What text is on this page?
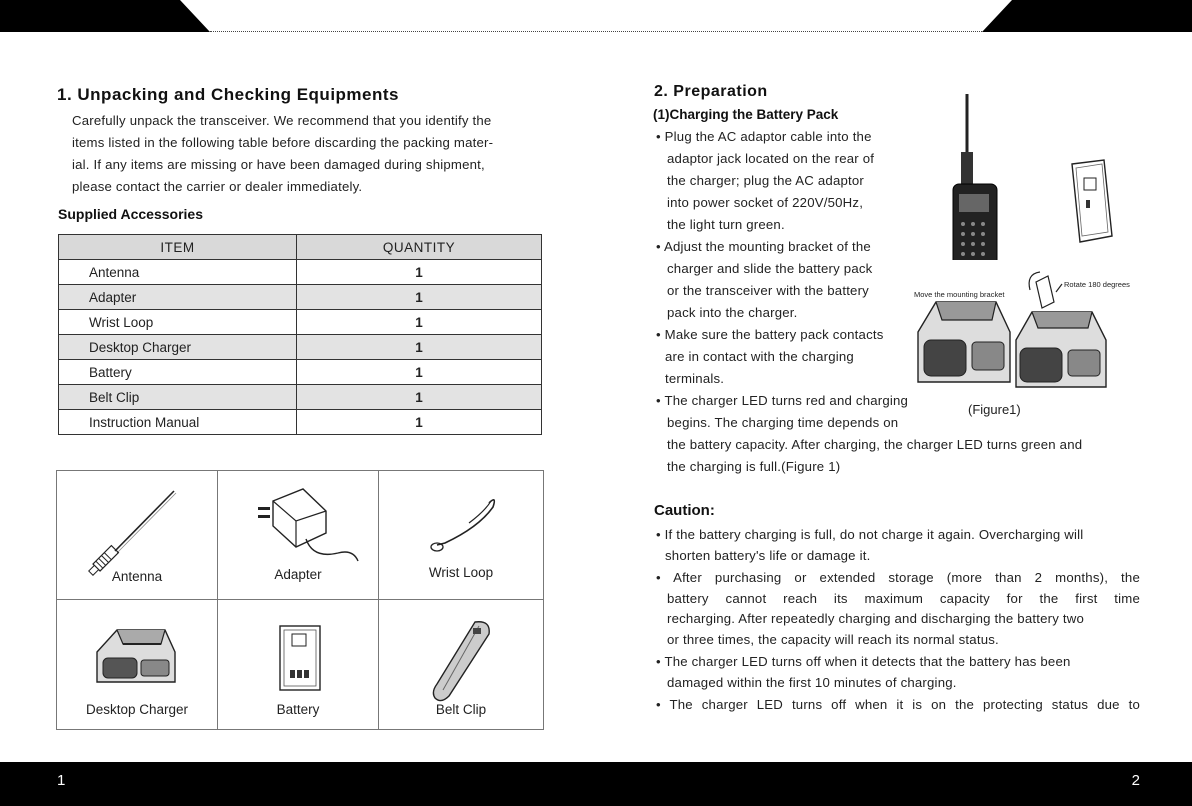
1. Unpacking and Checking Equipments
Carefully unpack the transceiver. We recommend that you identify the
items listed in the following table before discarding the packing mater-
ial. If any items are missing or have been damaged during shipment,
please contact the carrier or dealer immediately.
Supplied Accessories
ITEM	QUANTITY
Antenna	1
Adapter	1
Wrist Loop	1
Desktop Charger	1
Battery	1
Belt Clip	1
Instruction Manual	1
Antenna	Adapter	Wrist Loop
Desktop Charger	Battery	Belt Clip
2. Preparation
(1)Charging the Battery Pack
• Plug the AC adaptor cable into the
adaptor jack located on the rear of
the charger; plug the AC adaptor
into power socket of 220V/50Hz,
the light turn green.
• Adjust the mounting bracket of the
charger and slide the battery pack
or the transceiver with the battery
pack into the charger.
• Make sure the battery pack contacts
are in contact with the charging
terminals.
• The charger LED turns red and charging
begins. The charging time depends on
the battery capacity. After charging, the charger LED turns green and
the charging is full.(Figure 1)
Move the mounting bracket
Rotate 180 degrees
(Figure1)
Caution:
• If the battery charging is full, do not charge it again. Overcharging will
shorten battery's life or damage it.
• After purchasing or extended storage (more than 2 months), the
battery cannot reach its maximum capacity for the first time
recharging. After repeatedly charging and discharging the battery two
or three times, the capacity will reach its normal status.
• The charger LED turns off when it detects that the battery has been
damaged within the first 10 minutes of charging.
• The charger LED turns off when it is on the protecting status due to
1	2
